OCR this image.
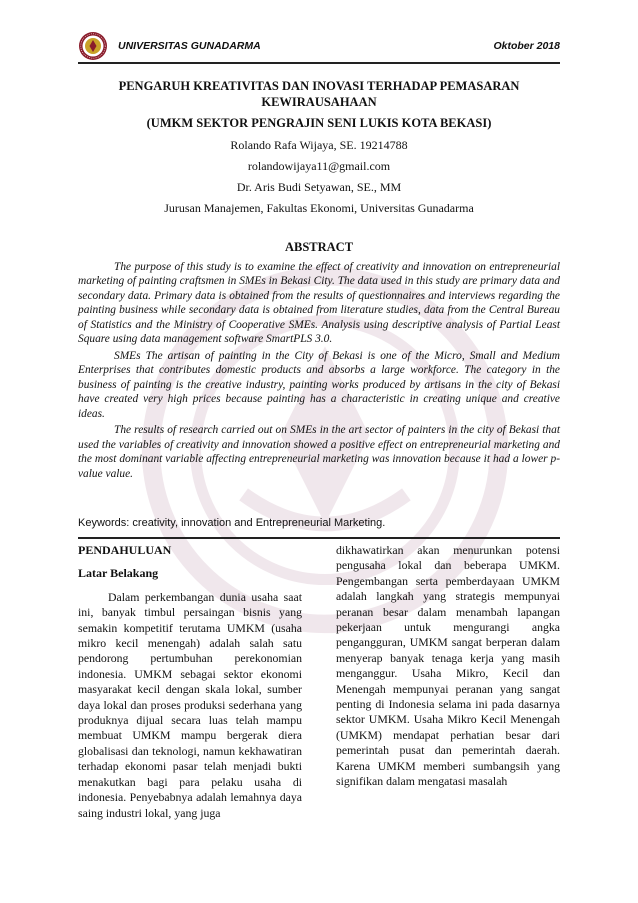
UNIVERSITAS GUNADARMA	Oktober 2018
PENGARUH KREATIVITAS DAN INOVASI TERHADAP PEMASARAN KEWIRAUSAHAAN
(UMKM SEKTOR PENGRAJIN SENI LUKIS KOTA BEKASI)
Rolando Rafa Wijaya, SE. 19214788
rolandowijaya11@gmail.com
Dr. Aris Budi Setyawan, SE., MM
Jurusan Manajemen, Fakultas Ekonomi, Universitas Gunadarma
ABSTRACT

The purpose of this study is to examine the effect of creativity and innovation on entrepreneurial marketing of painting craftsmen in SMEs in Bekasi City. The data used in this study are primary data and secondary data. Primary data is obtained from the results of questionnaires and interviews regarding the painting business while secondary data is obtained from literature studies, data from the Central Bureau of Statistics and the Ministry of Cooperative SMEs. Analysis using descriptive analysis of Partial Least Square using data management software SmartPLS 3.0.

SMEs The artisan of painting in the City of Bekasi is one of the Micro, Small and Medium Enterprises that contributes domestic products and absorbs a large workforce. The category in the business of painting is the creative industry, painting works produced by artisans in the city of Bekasi have created very high prices because painting has a characteristic in creating unique and creative ideas.

The results of research carried out on SMEs in the art sector of painters in the city of Bekasi that used the variables of creativity and innovation showed a positive effect on entrepreneurial marketing and the most dominant variable affecting entrepreneurial marketing was innovation because it had a lower p-value value.

Keywords: creativity, innovation and Entrepreneurial Marketing.
PENDAHULUAN
Latar Belakang

Dalam perkembangan dunia usaha saat ini, banyak timbul persaingan bisnis yang semakin kompetitif terutama UMKM (usaha mikro kecil menengah) adalah salah satu pendorong pertumbuhan perekonomian indonesia. UMKM sebagai sektor ekonomi masyarakat kecil dengan skala lokal, sumber daya lokal dan proses produksi sederhana yang produknya dijual secara luas telah mampu membuat UMKM mampu bergerak diera globalisasi dan teknologi, namun kekhawatiran terhadap ekonomi pasar telah menjadi bukti menakutkan bagi para pelaku usaha di indonesia. Penyebabnya adalah lemahnya daya saing industri lokal, yang juga

dikhawatirkan akan menurunkan potensi pengusaha lokal dan beberapa UMKM. Pengembangan serta pemberdayaan UMKM adalah langkah yang strategis mempunyai peranan besar dalam menambah lapangan pekerjaan untuk mengurangi angka pengangguran, UMKM sangat berperan dalam menyerap banyak tenaga kerja yang masih menganggur. Usaha Mikro, Kecil dan Menengah mempunyai peranan yang sangat penting di Indonesia selama ini pada dasarnya sektor UMKM. Usaha Mikro Kecil Menengah (UMKM) mendapat perhatian besar dari pemerintah pusat dan pemerintah daerah. Karena UMKM memberi sumbangsih yang signifikan dalam mengatasi masalah
